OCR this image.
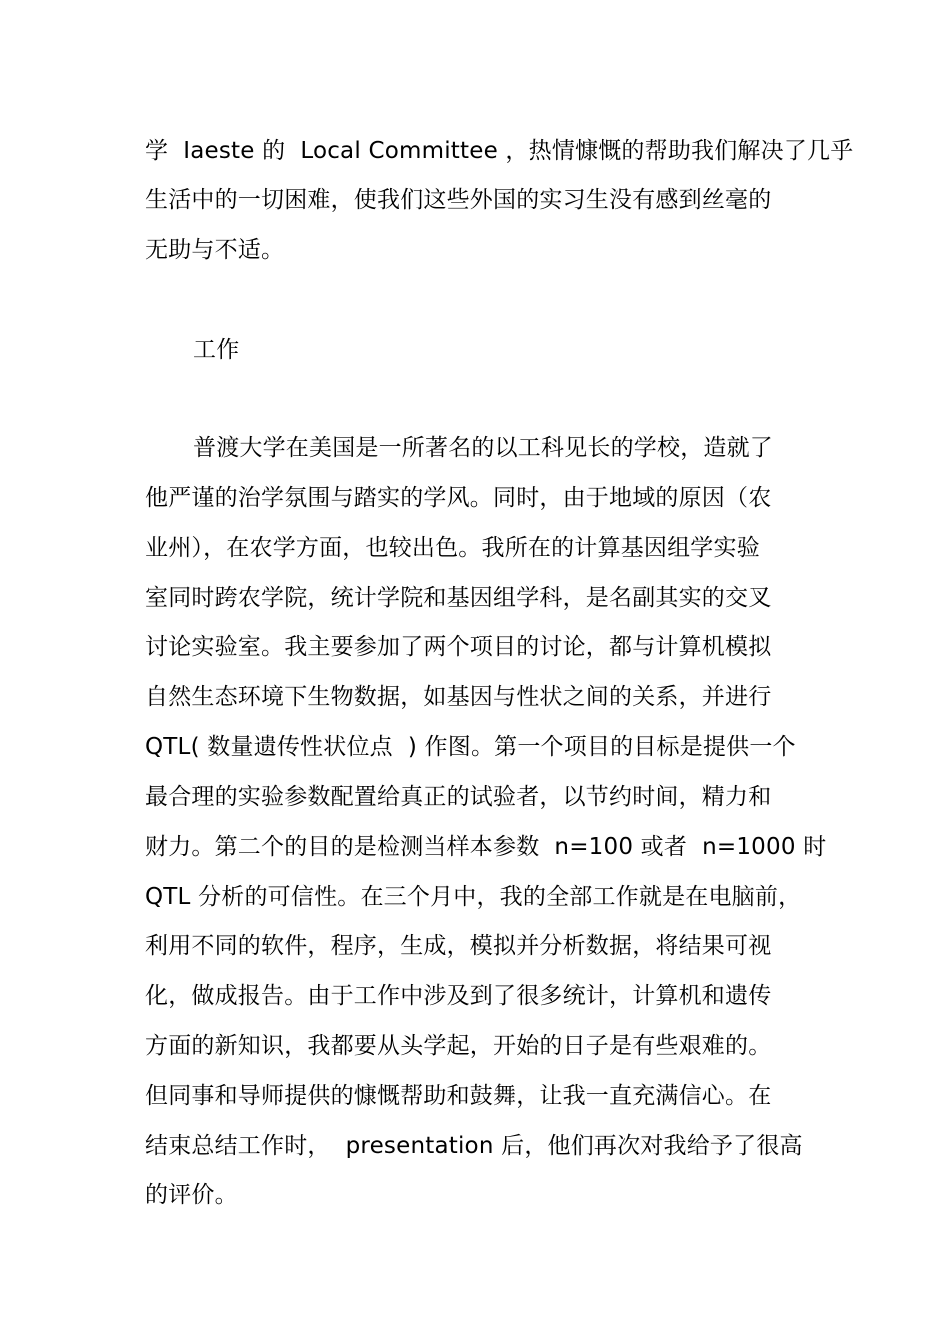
学  Iaeste 的  Local Committee ，热情慷慨的帮助我们解决了几乎
生活中的一切困难，使我们这些外国的实习生没有感到丝毫的
无助与不适。
工作
普渡大学在美国是一所著名的以工科见长的学校，造就了
他严谨的治学氛围与踏实的学风。同时，由于地域的原因（农
业州），在农学方面，也较出色。我所在的计算基因组学实验
室同时跨农学院，统计学院和基因组学科，是名副其实的交叉
讨论实验室。我主要参加了两个项目的讨论，都与计算机模拟
自然生态环境下生物数据，如基因与性状之间的关系，并进行
QTL( 数量遗传性状位点  ) 作图。第一个项目的目标是提供一个
最合理的实验参数配置给真正的试验者，以节约时间，精力和
财力。第二个的目的是检测当样本参数  n=100 或者  n=1000 时
QTL 分析的可信性。在三个月中，我的全部工作就是在电脑前，
利用不同的软件，程序，生成，模拟并分析数据，将结果可视
化，做成报告。由于工作中涉及到了很多统计，计算机和遗传
方面的新知识，我都要从头学起，开始的日子是有些艰难的。
但同事和导师提供的慷慨帮助和鼓舞，让我一直充满信心。在
结束总结工作时，  presentation 后，他们再次对我给予了很高
的评价。
